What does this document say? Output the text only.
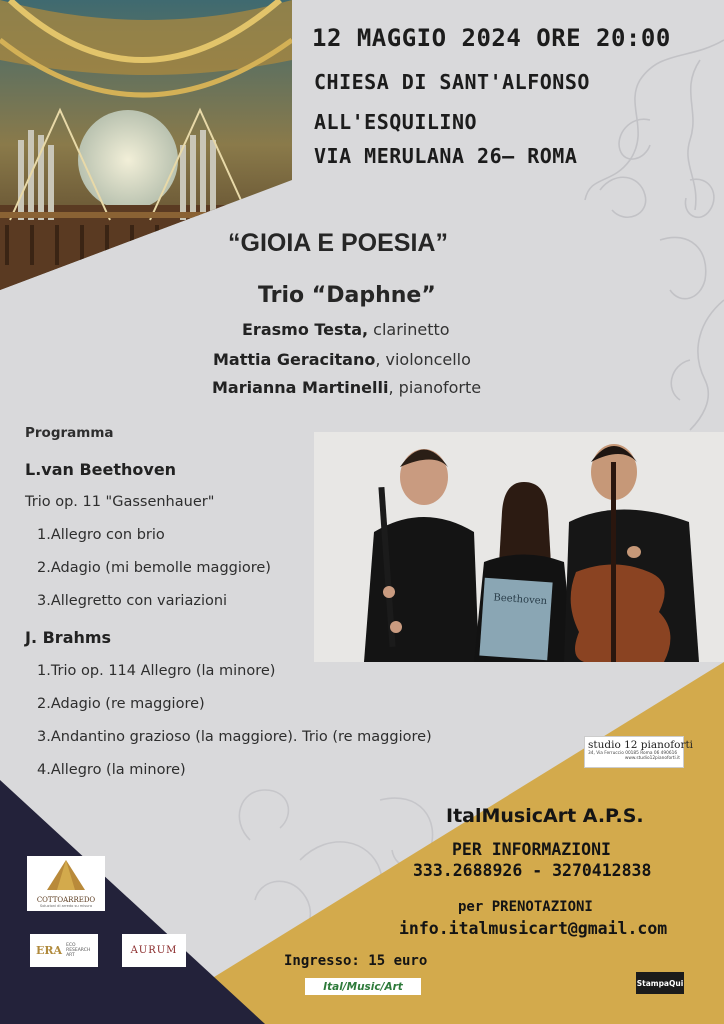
12 MAGGIO 2024 ORE 20:00
CHIESA DI SANT'ALFONSO
ALL'ESQUILINO
VIA MERULANA 26– ROMA
“GIOIA E POESIA”
Trio “Daphne”
Erasmo Testa, clarinetto
Mattia Geracitano, violoncello
Marianna Martinelli, pianoforte
Programma
L.van Beethoven
Trio op. 11 "Gassenhauer"
1.Allegro con brio
2.Adagio (mi bemolle maggiore)
3.Allegretto con variazioni
J. Brahms
1.Trio op. 114 Allegro (la minore)
2.Adagio (re maggiore)
3.Andantino grazioso (la maggiore). Trio (re maggiore)
4.Allegro (la minore)
Beethoven
studio 12 pianoforti
34, Via Ferruccio 00185 Roma 06 490616
www.studio12pianoforti.it
ItalMusicArt A.P.S.
PER INFORMAZIONI
333.2688926 - 3270412838
per PRENOTAZIONI
info.italmusicart@gmail.com
Ingresso: 15 euro
COTTOARREDO
Soluzioni di arredo su misura
ERA ECO RESEARCH ART	AURUM
Ital/Music/Art	StampaQui
